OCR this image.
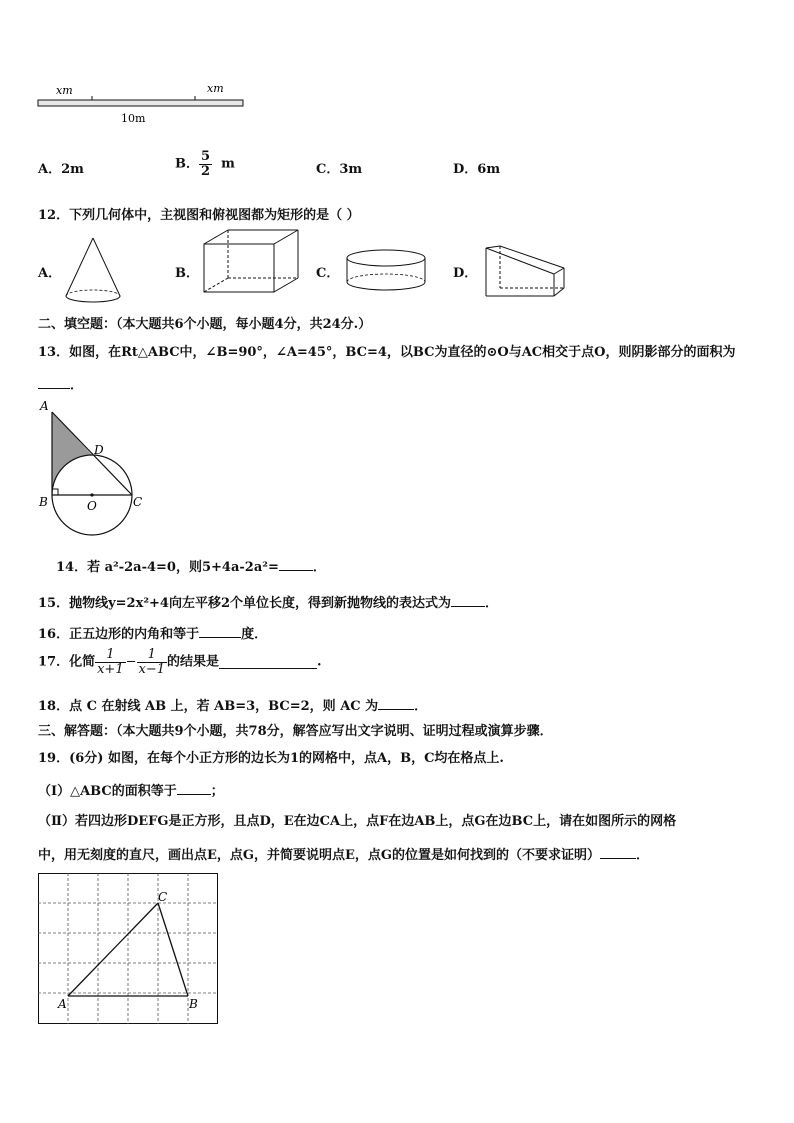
xm	xm
10m
A．2m	B． $\frac{5}{2}$ m	C．3m	D．6m
12．下列几何体中，主视图和俯视图都为矩形的是（ ）
A．	B．	C．	D．
二、填空题：（本大题共6个小题，每小题4分，共24分.）
13．如图，在Rt△ABC中，∠B=90°，∠A=45°，BC=4，以BC为直径的⊙O与AC相交于点O，则阴影部分的面积为
．
A
B	C
D
O
14．若 a²-2a-4=0，则5+4a-2a²=	．
15．抛物线y=2x²+4向左平移2个单位长度，得到新抛物线的表达式为	．
16．正五边形的内角和等于	度．
17．化简 $\frac{1}{x+1} - \frac{1}{x-1}$ 的结果是	.
18．点 C 在射线 AB 上，若 AB=3，BC=2，则 AC 为	．
三、解答题：（本大题共9个小题，共78分，解答应写出文字说明、证明过程或演算步骤．
19．(6分) 如图，在每个小正方形的边长为1的网格中，点A，B，C均在格点上.
（Ⅰ）△ABC的面积等于	；
（Ⅱ）若四边形DEFG是正方形，且点D，E在边CA上，点F在边AB上，点G在边BC上，请在如图所示的网格
中，用无刻度的直尺，画出点E，点G，并简要说明点E，点G的位置是如何找到的（不要求证明）	．
A	B
C
